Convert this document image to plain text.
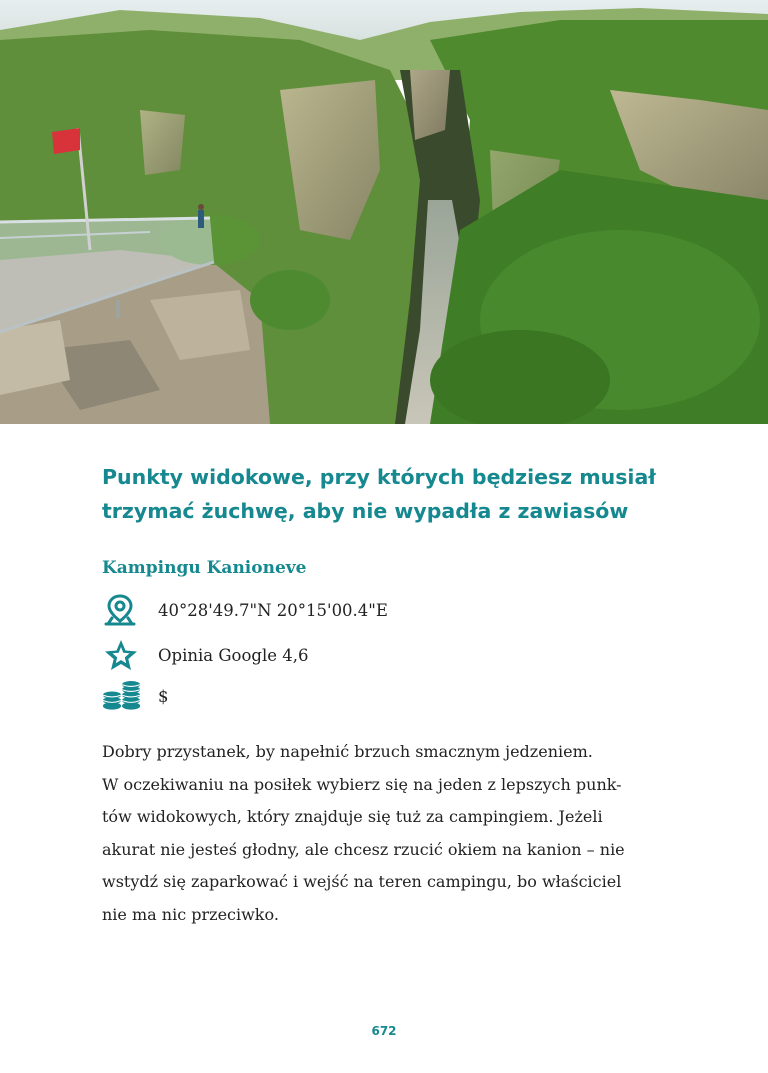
Punkty widokowe, przy których będziesz musiał
trzymać żuchwę, aby nie wypadła z zawiasów
Kampingu Kanioneve
40°28'49.7"N 20°15'00.4"E
Opinia Google 4,6
$
Dobry przystanek, by napełnić brzuch smacznym jedzeniem.
W oczekiwaniu na posiłek wybierz się na jeden z lepszych punk-
tów widokowych, który znajduje się tuż za campingiem. Jeżeli
akurat nie jesteś głodny, ale chcesz rzucić okiem na kanion – nie
wstydź się zaparkować i wejść na teren campingu, bo właściciel
nie ma nic przeciwko.
672
